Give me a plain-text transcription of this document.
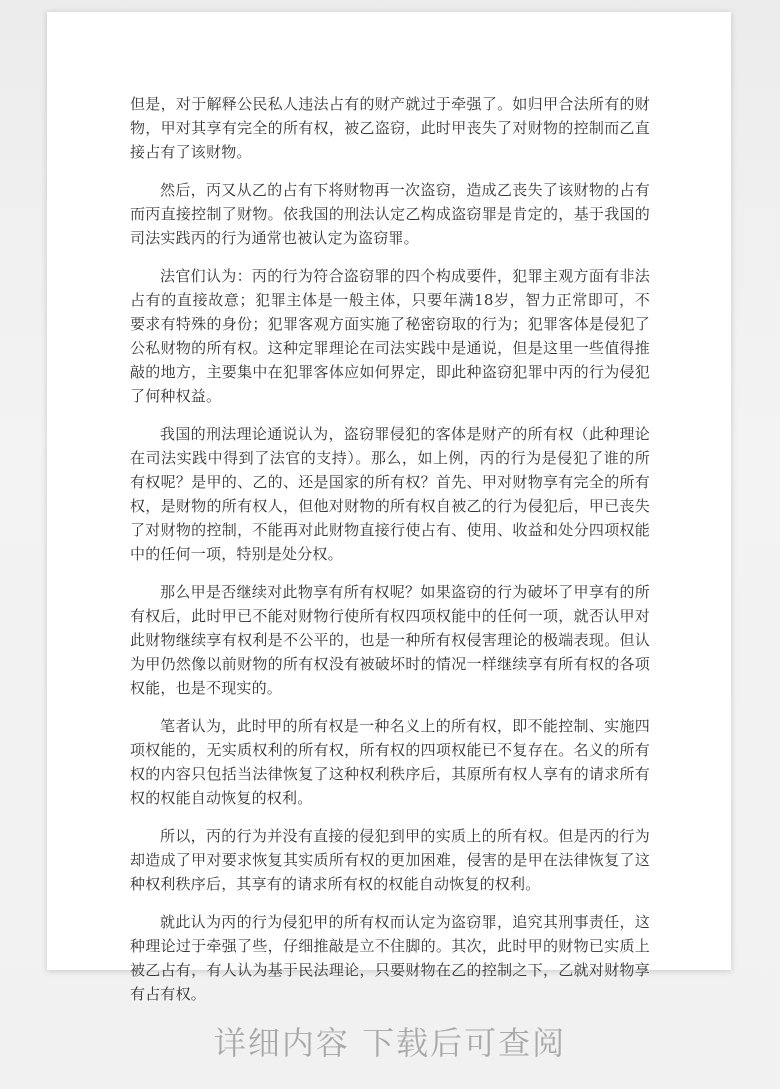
但是，对于解释公民私人违法占有的财产就过于牵强了。如归甲合法所有的财物，甲对其享有完全的所有权，被乙盗窃，此时甲丧失了对财物的控制而乙直接占有了该财物。

然后，丙又从乙的占有下将财物再一次盗窃，造成乙丧失了该财物的占有而丙直接控制了财物。依我国的刑法认定乙构成盗窃罪是肯定的，基于我国的司法实践丙的行为通常也被认定为盗窃罪。

法官们认为：丙的行为符合盗窃罪的四个构成要件，犯罪主观方面有非法占有的直接故意；犯罪主体是一般主体，只要年满18岁，智力正常即可，不要求有特殊的身份；犯罪客观方面实施了秘密窃取的行为；犯罪客体是侵犯了公私财物的所有权。这种定罪理论在司法实践中是通说，但是这里一些值得推敲的地方，主要集中在犯罪客体应如何界定，即此种盗窃犯罪中丙的行为侵犯了何种权益。

我国的刑法理论通说认为，盗窃罪侵犯的客体是财产的所有权（此种理论在司法实践中得到了法官的支持）。那么，如上例，丙的行为是侵犯了谁的所有权呢？是甲的、乙的、还是国家的所有权？首先、甲对财物享有完全的所有权，是财物的所有权人，但他对财物的所有权自被乙的行为侵犯后，甲已丧失了对财物的控制，不能再对此财物直接行使占有、使用、收益和处分四项权能中的任何一项，特别是处分权。

那么甲是否继续对此物享有所有权呢？如果盗窃的行为破坏了甲享有的所有权后，此时甲已不能对财物行使所有权四项权能中的任何一项，就否认甲对此财物继续享有权利是不公平的，也是一种所有权侵害理论的极端表现。但认为甲仍然像以前财物的所有权没有被破坏时的情况一样继续享有所有权的各项权能，也是不现实的。

笔者认为，此时甲的所有权是一种名义上的所有权，即不能控制、实施四项权能的，无实质权利的所有权，所有权的四项权能已不复存在。名义的所有权的内容只包括当法律恢复了这种权利秩序后，其原所有权人享有的请求所有权的权能自动恢复的权利。

所以，丙的行为并没有直接的侵犯到甲的实质上的所有权。但是丙的行为却造成了甲对要求恢复其实质所有权的更加困难，侵害的是甲在法律恢复了这种权利秩序后，其享有的请求所有权的权能自动恢复的权利。

就此认为丙的行为侵犯甲的所有权而认定为盗窃罪，追究其刑事责任，这种理论过于牵强了些，仔细推敲是立不住脚的。其次，此时甲的财物已实质上被乙占有，有人认为基于民法理论，只要财物在乙的控制之下，乙就对财物享有占有权。

详细内容 下载后可查阅
